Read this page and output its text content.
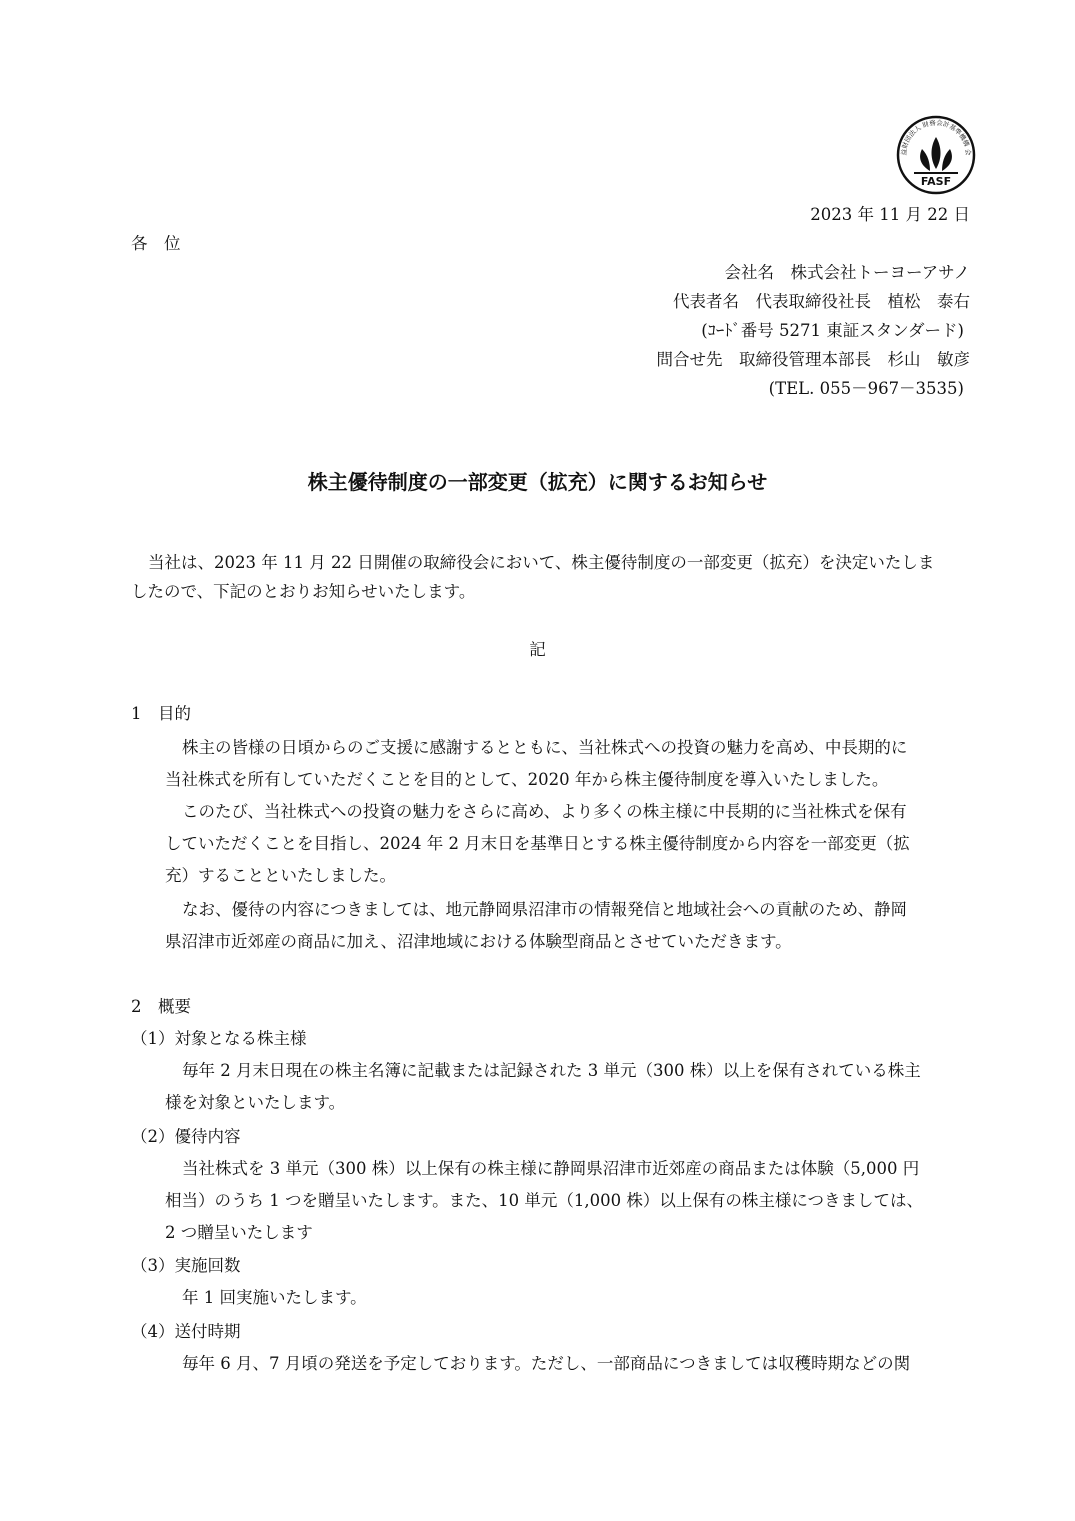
益財団法人 財務会計基準機構 会
FASF
2023 年 11 月 22 日
各　位
会社名　株式会社トーヨーアサノ
代表者名　代表取締役社長　植松　泰右
(ｺｰﾄﾞ番号 5271 東証スタンダード)
問合せ先　取締役管理本部長　杉山　敏彦
(TEL. 055－967－3535)
株主優待制度の一部変更（拡充）に関するお知らせ
当社は、2023 年 11 月 22 日開催の取締役会において、株主優待制度の一部変更（拡充）を決定いたしま
したので、下記のとおりお知らせいたします。
記
1　目的
株主の皆様の日頃からのご支援に感謝するとともに、当社株式への投資の魅力を高め、中長期的に
当社株式を所有していただくことを目的として、2020 年から株主優待制度を導入いたしました。
このたび、当社株式への投資の魅力をさらに高め、より多くの株主様に中長期的に当社株式を保有
していただくことを目指し、2024 年 2 月末日を基準日とする株主優待制度から内容を一部変更（拡
充）することといたしました。
なお、優待の内容につきましては、地元静岡県沼津市の情報発信と地域社会への貢献のため、静岡
県沼津市近郊産の商品に加え、沼津地域における体験型商品とさせていただきます。
2　概要
（1）対象となる株主様
毎年 2 月末日現在の株主名簿に記載または記録された 3 単元（300 株）以上を保有されている株主
様を対象といたします。
（2）優待内容
当社株式を 3 単元（300 株）以上保有の株主様に静岡県沼津市近郊産の商品または体験（5,000 円
相当）のうち 1 つを贈呈いたします。また、10 単元（1,000 株）以上保有の株主様につきましては、
2 つ贈呈いたします
（3）実施回数
年 1 回実施いたします。
（4）送付時期
毎年 6 月、7 月頃の発送を予定しております。ただし、一部商品につきましては収穫時期などの関
